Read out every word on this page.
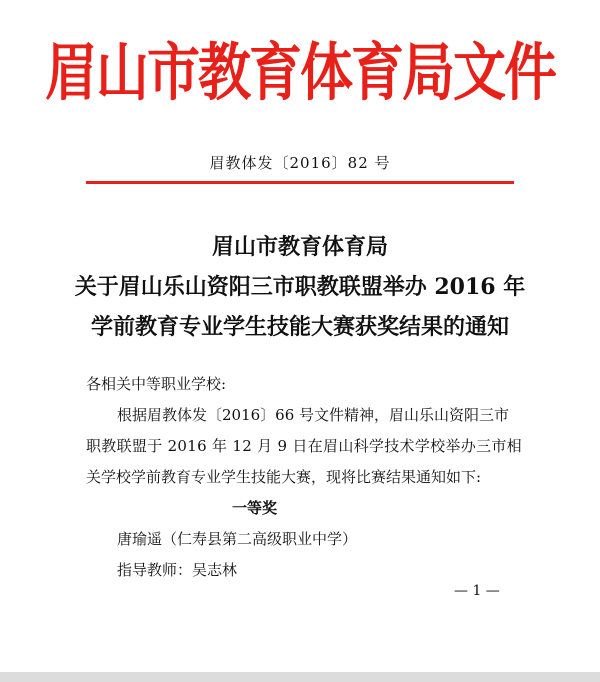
眉山市教育体育局文件
眉教体发〔2016〕82 号
眉山市教育体育局
关于眉山乐山资阳三市职教联盟举办 2016 年
学前教育专业学生技能大赛获奖结果的通知
各相关中等职业学校:
根据眉教体发〔2016〕66 号文件精神，眉山乐山资阳三市
职教联盟于 2016 年 12 月 9 日在眉山科学技术学校举办三市相
关学校学前教育专业学生技能大赛，现将比赛结果通知如下:
一等奖
唐瑜遥（仁寿县第二高级职业中学）
指导教师：吴志林
— 1 —
